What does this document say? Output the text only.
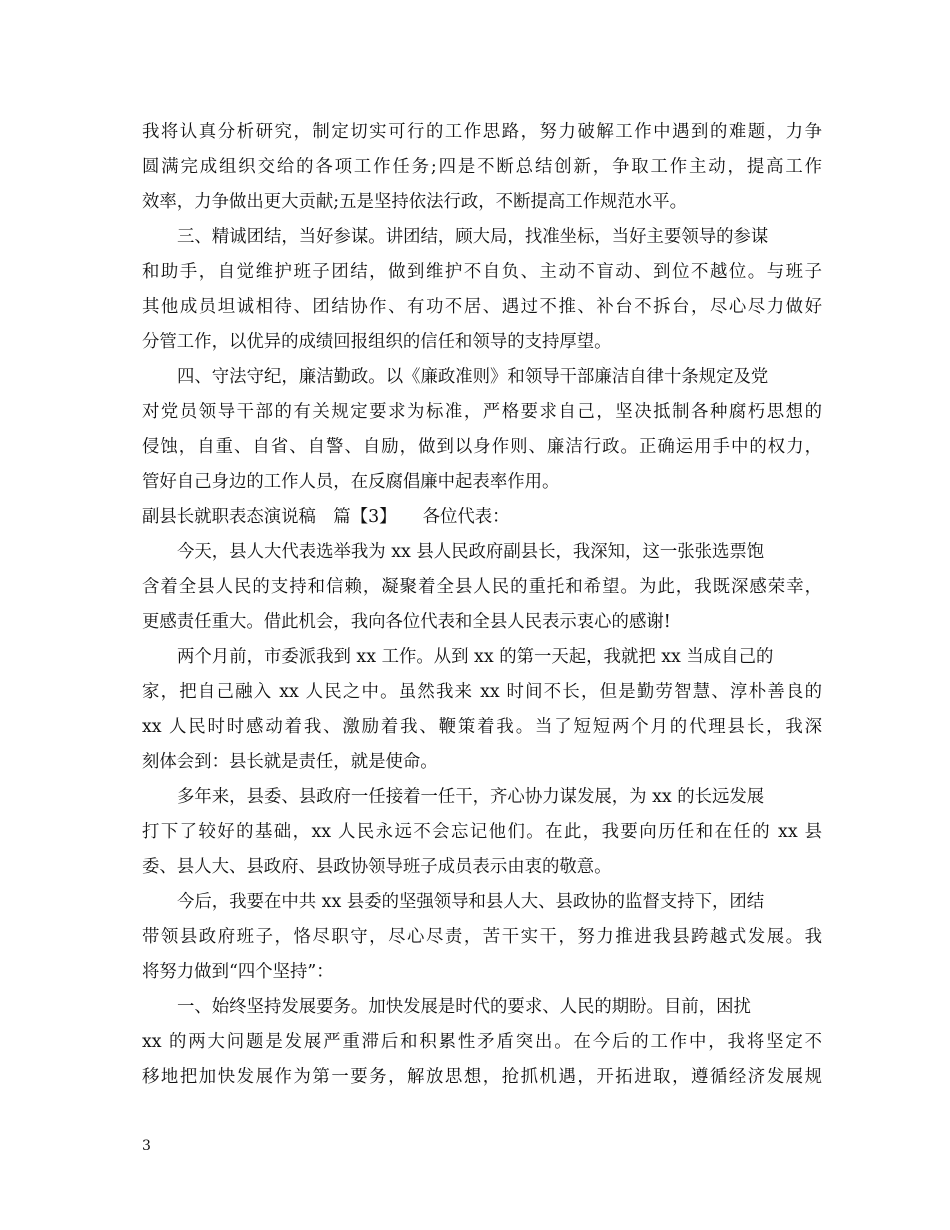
我将认真分析研究，制定切实可行的工作思路，努力破解工作中遇到的难题，力争
圆满完成组织交给的各项工作任务;四是不断总结创新，争取工作主动，提高工作
效率，力争做出更大贡献;五是坚持依法行政，不断提高工作规范水平。
三、精诚团结，当好参谋。讲团结，顾大局，找准坐标，当好主要领导的参谋
和助手，自觉维护班子团结，做到维护不自负、主动不盲动、到位不越位。与班子
其他成员坦诚相待、团结协作、有功不居、遇过不推、补台不拆台，尽心尽力做好
分管工作，以优异的成绩回报组织的信任和领导的支持厚望。
四、守法守纪，廉洁勤政。以《廉政准则》和领导干部廉洁自律十条规定及党
对党员领导干部的有关规定要求为标准，严格要求自己，坚决抵制各种腐朽思想的
侵蚀，自重、自省、自警、自励，做到以身作则、廉洁行政。正确运用手中的权力，
管好自己身边的工作人员，在反腐倡廉中起表率作用。
副县长就职表态演说稿　篇【3】　　各位代表：
今天，县人大代表选举我为 xx 县人民政府副县长，我深知，这一张张选票饱
含着全县人民的支持和信赖，凝聚着全县人民的重托和希望。为此，我既深感荣幸，
更感责任重大。借此机会，我向各位代表和全县人民表示衷心的感谢!
两个月前，市委派我到 xx 工作。从到 xx 的第一天起，我就把 xx 当成自己的
家，把自己融入 xx 人民之中。虽然我来 xx 时间不长，但是勤劳智慧、淳朴善良的
xx 人民时时感动着我、激励着我、鞭策着我。当了短短两个月的代理县长，我深
刻体会到：县长就是责任，就是使命。
多年来，县委、县政府一任接着一任干，齐心协力谋发展，为 xx 的长远发展
打下了较好的基础，xx 人民永远不会忘记他们。在此，我要向历任和在任的 xx 县
委、县人大、县政府、县政协领导班子成员表示由衷的敬意。
今后，我要在中共 xx 县委的坚强领导和县人大、县政协的监督支持下，团结
带领县政府班子，恪尽职守，尽心尽责，苦干实干，努力推进我县跨越式发展。我
将努力做到“四个坚持”：
一、始终坚持发展要务。加快发展是时代的要求、人民的期盼。目前，困扰
xx 的两大问题是发展严重滞后和积累性矛盾突出。在今后的工作中，我将坚定不
移地把加快发展作为第一要务，解放思想，抢抓机遇，开拓进取，遵循经济发展规
3
